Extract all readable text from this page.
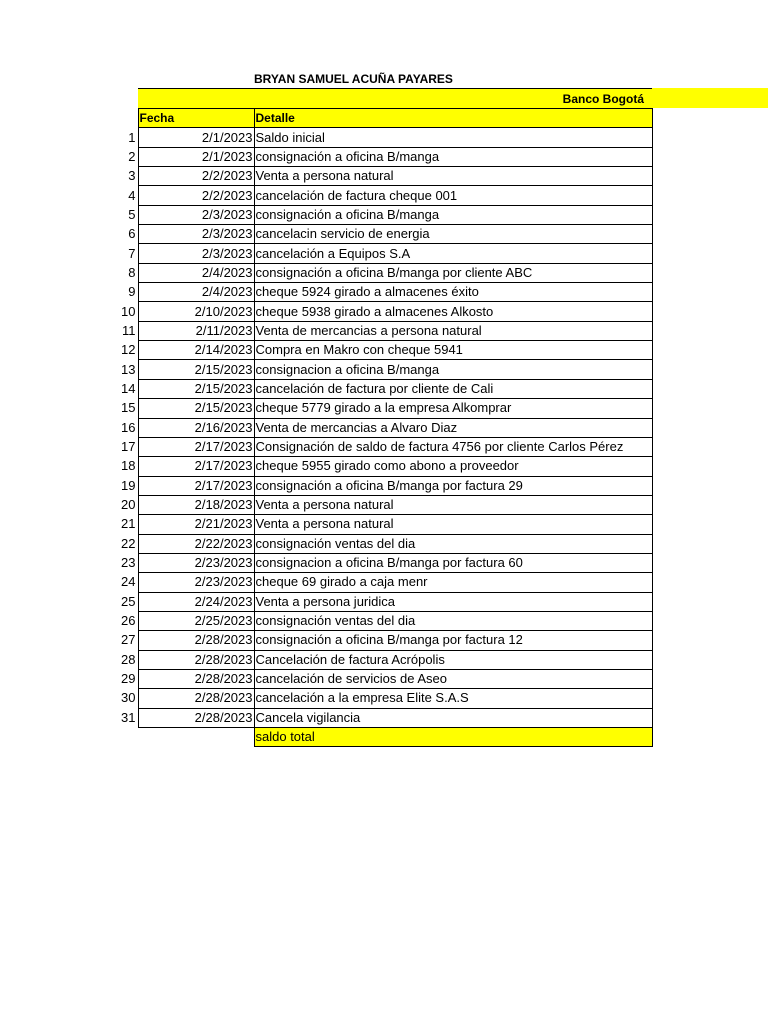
BRYAN SAMUEL ACUÑA PAYARES
Banco Bogotá
	Fecha	Detalle
1	2/1/2023	Saldo inicial
2	2/1/2023	consignación a oficina B/manga
3	2/2/2023	Venta a persona natural
4	2/2/2023	cancelación de factura cheque 001
5	2/3/2023	consignación a oficina B/manga
6	2/3/2023	cancelacin servicio de energia
7	2/3/2023	cancelación a Equipos S.A
8	2/4/2023	consignación a oficina B/manga por cliente ABC
9	2/4/2023	cheque 5924 girado a almacenes éxito
10	2/10/2023	cheque 5938 girado a almacenes Alkosto
11	2/11/2023	Venta de mercancias a persona natural
12	2/14/2023	Compra en Makro con cheque 5941
13	2/15/2023	consignacion a oficina B/manga
14	2/15/2023	cancelación de factura por cliente de Cali
15	2/15/2023	cheque 5779 girado a la empresa Alkomprar
16	2/16/2023	Venta de mercancias a Alvaro Diaz
17	2/17/2023	Consignación de saldo de factura 4756 por cliente Carlos Pérez
18	2/17/2023	cheque 5955 girado como abono a proveedor
19	2/17/2023	consignación a oficina B/manga por factura 29
20	2/18/2023	Venta a persona natural
21	2/21/2023	Venta a persona natural
22	2/22/2023	consignación ventas del dia
23	2/23/2023	consignacion a oficina B/manga por factura 60
24	2/23/2023	cheque 69 girado a caja menr
25	2/24/2023	Venta a persona juridica
26	2/25/2023	consignación ventas del dia
27	2/28/2023	consignación a oficina B/manga por factura 12
28	2/28/2023	Cancelación de factura Acrópolis
29	2/28/2023	cancelación de servicios de Aseo
30	2/28/2023	cancelación a la empresa Elite S.A.S
31	2/28/2023	Cancela vigilancia
		saldo total
